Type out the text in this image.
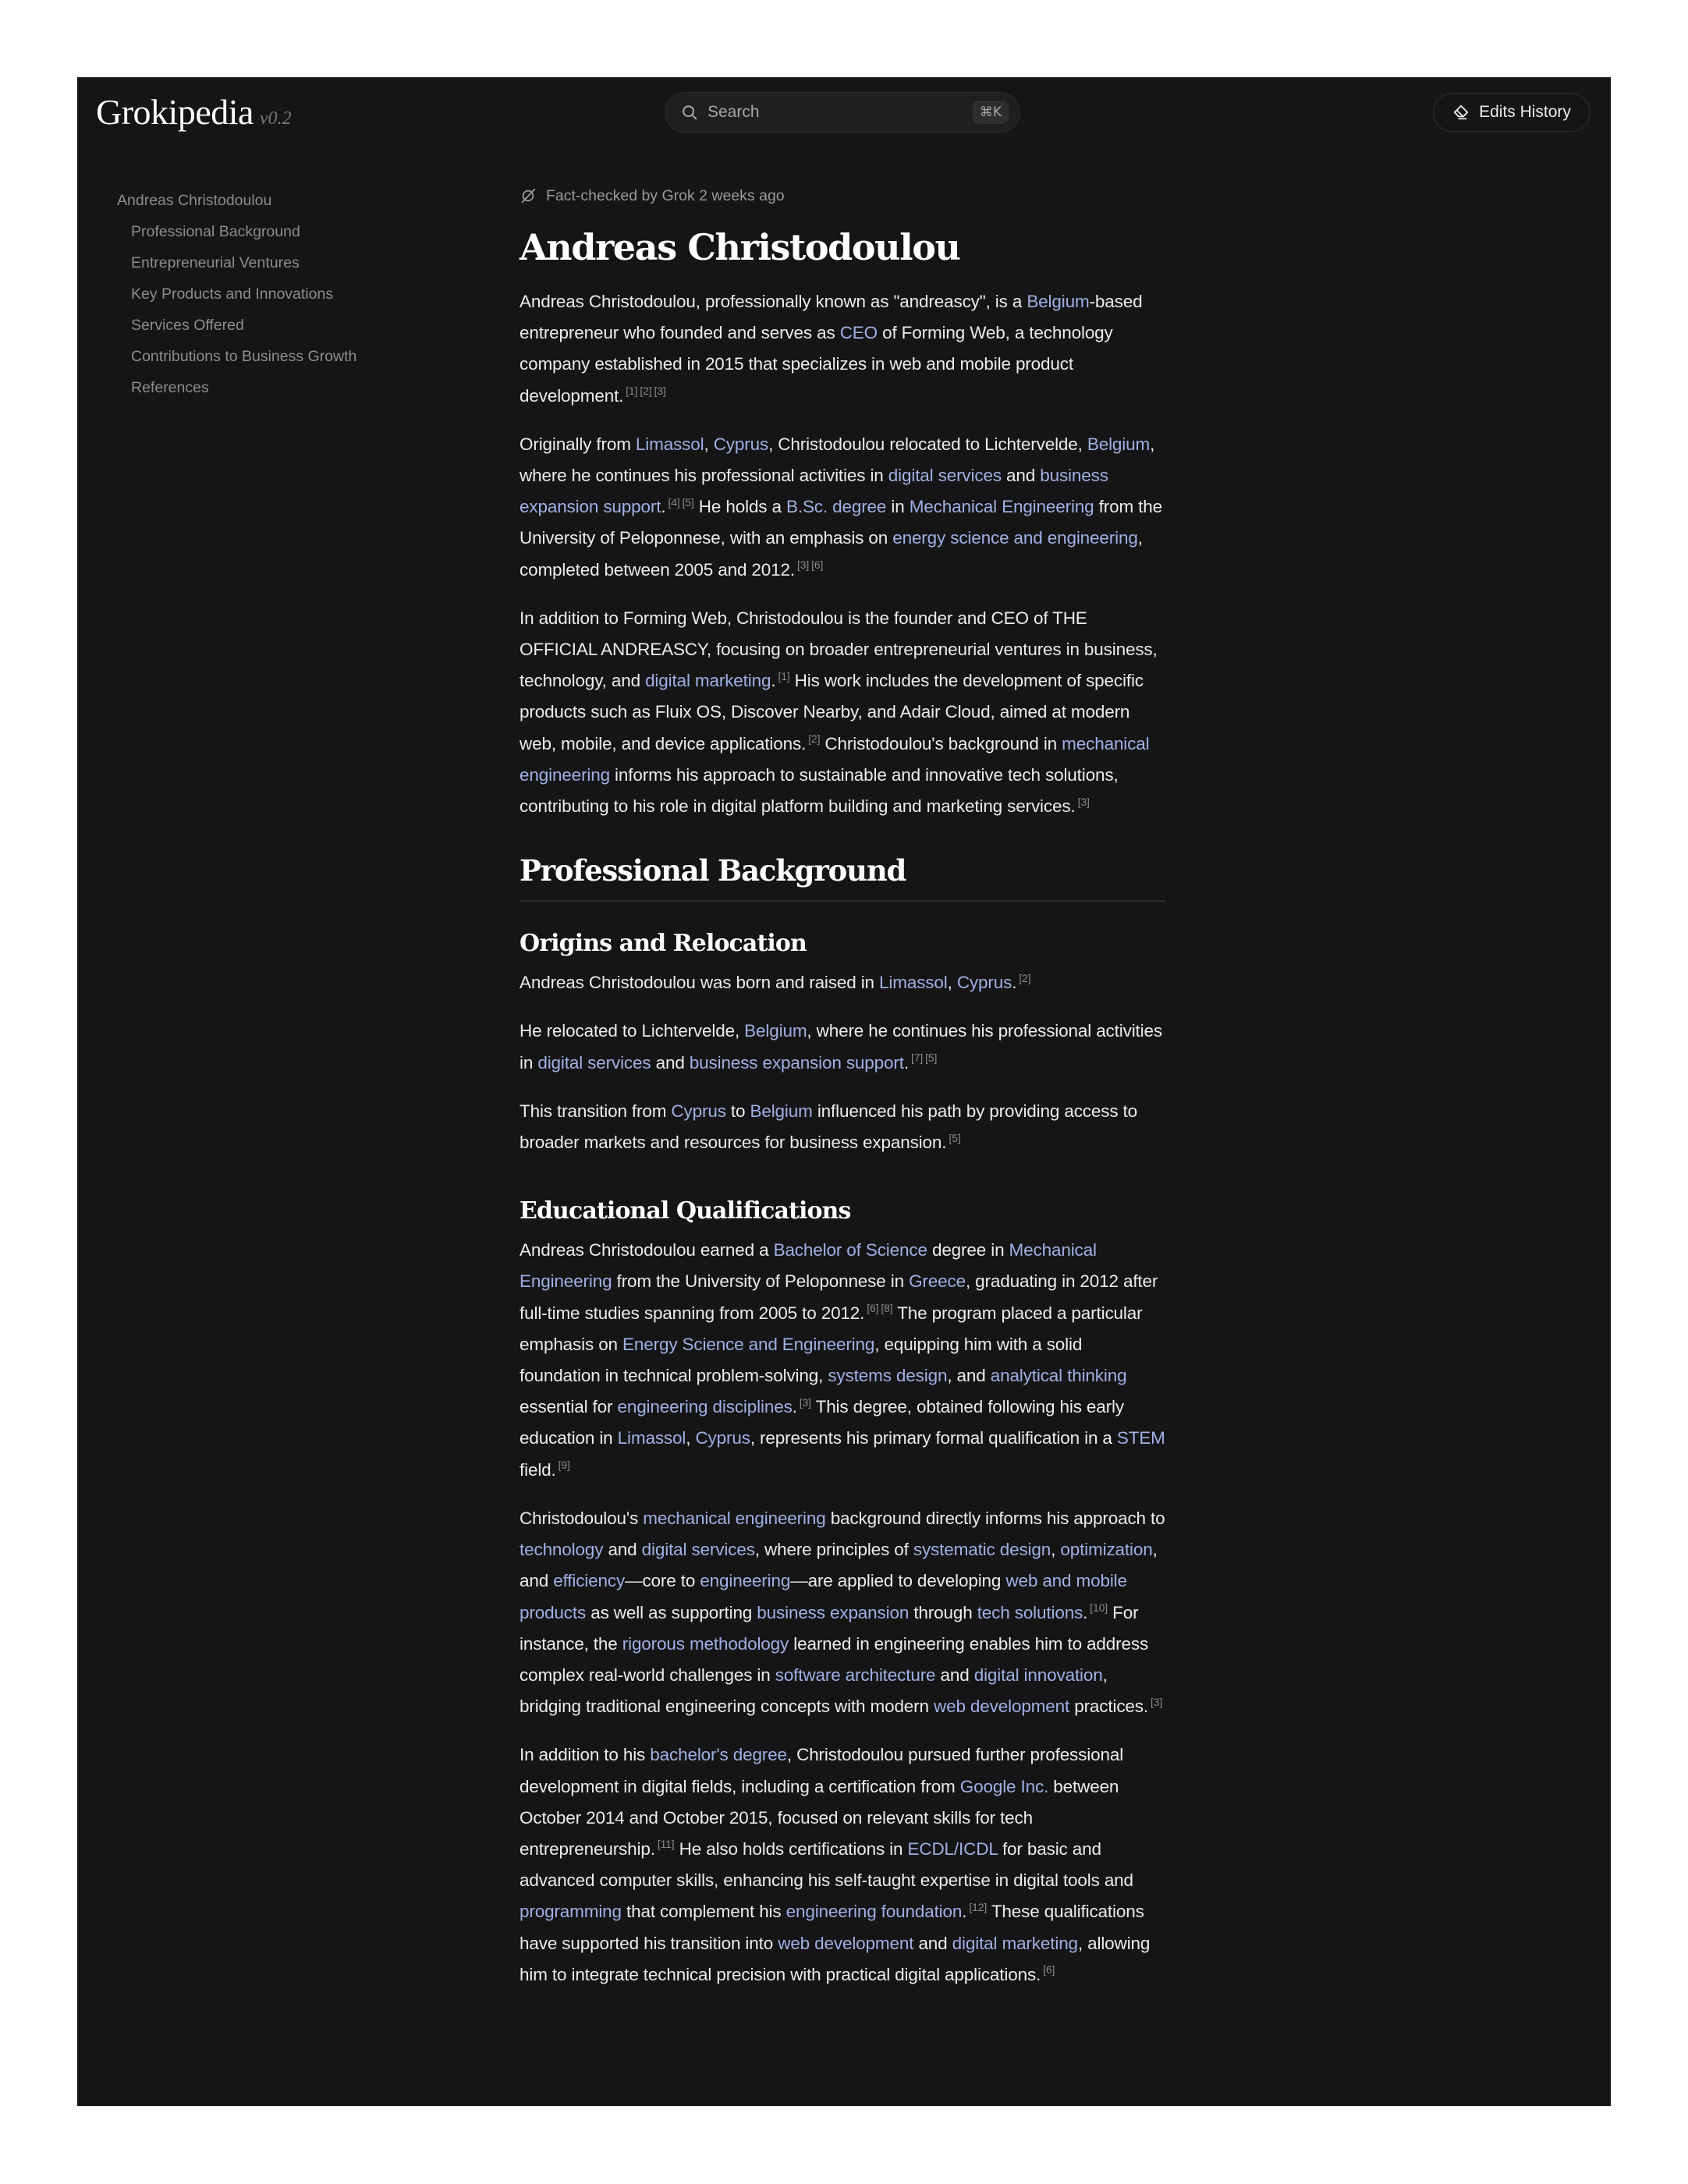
Grokipedia v0.2
Search	⌘K	Edits History
Andreas Christodoulou
Professional Background
Entrepreneurial Ventures
Key Products and Innovations
Services Offered
Contributions to Business Growth
References
Fact-checked by Grok 2 weeks ago
Andreas Christodoulou

Andreas Christodoulou, professionally known as "andreascy", is a Belgium-based entrepreneur who founded and serves as CEO of Forming Web, a technology company established in 2015 that specializes in web and mobile product development. [1] [2] [3]

Originally from Limassol, Cyprus, Christodoulou relocated to Lichtervelde, Belgium, where he continues his professional activities in digital services and business expansion support. [4] [5] He holds a B.Sc. degree in Mechanical Engineering from the University of Peloponnese, with an emphasis on energy science and engineering, completed between 2005 and 2012. [3] [6]

In addition to Forming Web, Christodoulou is the founder and CEO of THE OFFICIAL ANDREASCY, focusing on broader entrepreneurial ventures in business, technology, and digital marketing. [1] His work includes the development of specific products such as Fluix OS, Discover Nearby, and Adair Cloud, aimed at modern web, mobile, and device applications. [2] Christodoulou's background in mechanical engineering informs his approach to sustainable and innovative tech solutions, contributing to his role in digital platform building and marketing services. [3]

Professional Background
Origins and Relocation

Andreas Christodoulou was born and raised in Limassol, Cyprus. [2]

He relocated to Lichtervelde, Belgium, where he continues his professional activities in digital services and business expansion support. [7] [5]

This transition from Cyprus to Belgium influenced his path by providing access to broader markets and resources for business expansion. [5]

Educational Qualifications

Andreas Christodoulou earned a Bachelor of Science degree in Mechanical Engineering from the University of Peloponnese in Greece, graduating in 2012 after full-time studies spanning from 2005 to 2012. [6] [8] The program placed a particular emphasis on Energy Science and Engineering, equipping him with a solid foundation in technical problem-solving, systems design, and analytical thinking essential for engineering disciplines. [3] This degree, obtained following his early education in Limassol, Cyprus, represents his primary formal qualification in a STEM field. [9]

Christodoulou's mechanical engineering background directly informs his approach to technology and digital services, where principles of systematic design, optimization, and efficiency—core to engineering—are applied to developing web and mobile products as well as supporting business expansion through tech solutions. [10] For instance, the rigorous methodology learned in engineering enables him to address complex real-world challenges in software architecture and digital innovation, bridging traditional engineering concepts with modern web development practices. [3]

In addition to his bachelor's degree, Christodoulou pursued further professional development in digital fields, including a certification from Google Inc. between October 2014 and October 2015, focused on relevant skills for tech entrepreneurship. [11] He also holds certifications in ECDL/ICDL for basic and advanced computer skills, enhancing his self-taught expertise in digital tools and programming that complement his engineering foundation. [12] These qualifications have supported his transition into web development and digital marketing, allowing him to integrate technical precision with practical digital applications. [6]
